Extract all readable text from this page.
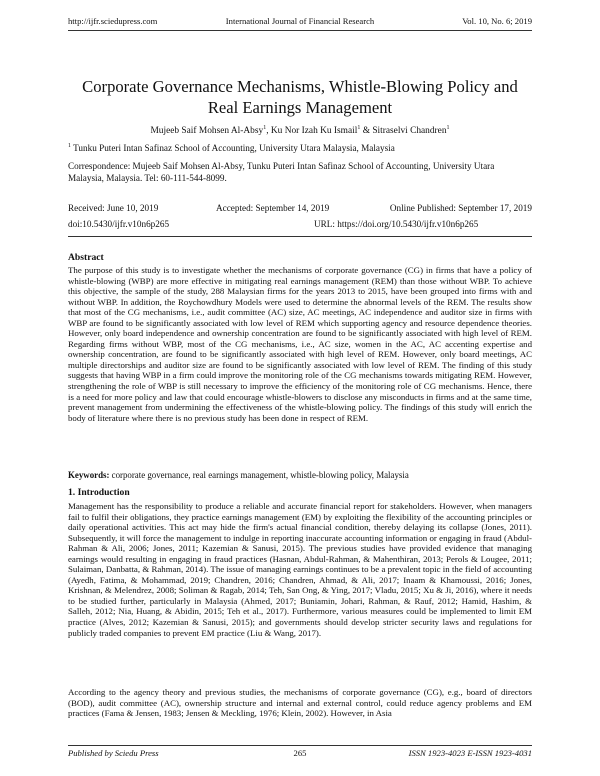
http://ijfr.sciedupress.com	International Journal of Financial Research	Vol. 10, No. 6; 2019
Corporate Governance Mechanisms, Whistle-Blowing Policy and Real Earnings Management
Mujeeb Saif Mohsen Al-Absy$^1$, Ku Nor Izah Ku Ismail$^1$ & Sitraselvi Chandren$^1$
$^1$ Tunku Puteri Intan Safinaz School of Accounting, University Utara Malaysia, Malaysia
Correspondence: Mujeeb Saif Mohsen Al-Absy, Tunku Puteri Intan Safinaz School of Accounting, University Utara Malaysia, Malaysia. Tel: 60-111-544-8099.
Received: June 10, 2019	Accepted: September 14, 2019	Online Published: September 17, 2019
doi:10.5430/ijfr.v10n6p265	URL: https://doi.org/10.5430/ijfr.v10n6p265
Abstract
The purpose of this study is to investigate whether the mechanisms of corporate governance (CG) in firms that have a policy of whistle-blowing (WBP) are more effective in mitigating real earnings management (REM) than those without WBP. To achieve this objective, the sample of the study, 288 Malaysian firms for the years 2013 to 2015, have been grouped into firms with and without WBP. In addition, the Roychowdhury Models were used to determine the abnormal levels of the REM. The results show that most of the CG mechanisms, i.e., audit committee (AC) size, AC meetings, AC independence and auditor size in firms with WBP are found to be significantly associated with low level of REM which supporting agency and resource dependence theories. However, only board independence and ownership concentration are found to be significantly associated with high level of REM. Regarding firms without WBP, most of the CG mechanisms, i.e., AC size, women in the AC, AC accenting expertise and ownership concentration, are found to be significantly associated with high level of REM. However, only board meetings, AC multiple directorships and auditor size are found to be significantly associated with low level of REM. The finding of this study suggests that having WBP in a firm could improve the monitoring role of the CG mechanisms towards mitigating REM. However, strengthening the role of WBP is still necessary to improve the efficiency of the monitoring role of CG mechanisms. Hence, there is a need for more policy and law that could encourage whistle-blowers to disclose any misconducts in firms and at the same time, prevent management from undermining the effectiveness of the whistle-blowing policy. The findings of this study will enrich the body of literature where there is no previous study has been done in respect of REM.
Keywords: corporate governance, real earnings management, whistle-blowing policy, Malaysia
1. Introduction
Management has the responsibility to produce a reliable and accurate financial report for stakeholders. However, when managers fail to fulfil their obligations, they practice earnings management (EM) by exploiting the flexibility of the accounting principles or daily operational activities. This act may hide the firm's actual financial condition, thereby delaying its collapse (Jones, 2011). Subsequently, it will force the management to indulge in reporting inaccurate accounting information or engaging in fraud (Abdul-Rahman & Ali, 2006; Jones, 2011; Kazemian & Sanusi, 2015). The previous studies have provided evidence that managing earnings would resulting in engaging in fraud practices (Hasnan, Abdul-Rahman, & Mahenthiran, 2013; Perols & Lougee, 2011; Sulaiman, Danbatta, & Rahman, 2014). The issue of managing earnings continues to be a prevalent topic in the field of accounting (Ayedh, Fatima, & Mohammad, 2019; Chandren, 2016; Chandren, Ahmad, & Ali, 2017; Inaam & Khamoussi, 2016; Jones, Krishnan, & Melendrez, 2008; Soliman & Ragab, 2014; Teh, San Ong, & Ying, 2017; Vladu, 2015; Xu & Ji, 2016), where it needs to be studied further, particularly in Malaysia (Ahmed, 2017; Buniamin, Johari, Rahman, & Rauf, 2012; Hamid, Hashim, & Salleh, 2012; Nia, Huang, & Abidin, 2015; Teh et al., 2017). Furthermore, various measures could be implemented to limit EM practice (Alves, 2012; Kazemian & Sanusi, 2015); and governments should develop stricter security laws and regulations for publicly traded companies to prevent EM practice (Liu & Wang, 2017).
According to the agency theory and previous studies, the mechanisms of corporate governance (CG), e.g., board of directors (BOD), audit committee (AC), ownership structure and internal and external control, could reduce agency problems and EM practices (Fama & Jensen, 1983; Jensen & Meckling, 1976; Klein, 2002). However, in Asia
Published by Sciedu Press	265	ISSN 1923-4023 E-ISSN 1923-4031
